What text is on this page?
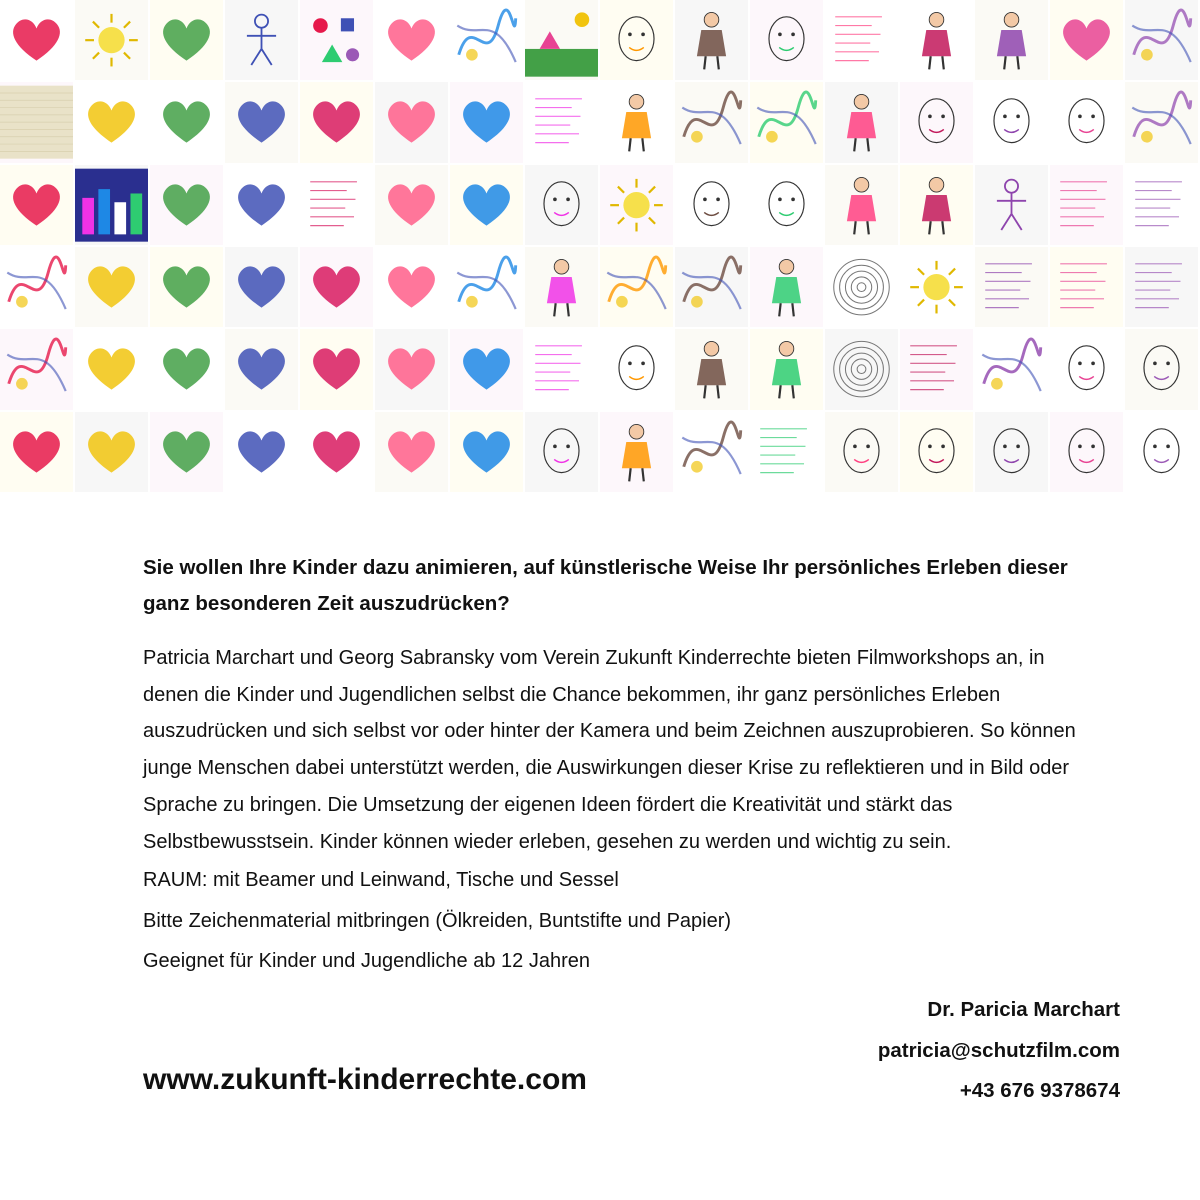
Sie wollen Ihre Kinder dazu animieren, auf künstlerische Weise Ihr persönliches Erleben dieser ganz besonderen Zeit auszudrücken?

Patricia Marchart und Georg Sabransky vom Verein Zukunft Kinderrechte bieten Filmworkshops an, in denen die Kinder und Jugendlichen selbst die Chance bekommen, ihr ganz persönliches Erleben auszudrücken und sich selbst vor oder hinter der Kamera und beim Zeichnen auszuprobieren. So können junge Menschen dabei unterstützt werden, die Auswirkungen dieser Krise zu reflektieren und in Bild oder Sprache zu bringen. Die Umsetzung der eigenen Ideen fördert die Kreativität und stärkt das Selbstbewusstsein. Kinder können wieder erleben, gesehen zu werden und wichtig zu sein.

RAUM: mit Beamer und Leinwand, Tische und Sessel

Bitte Zeichenmaterial mitbringen (Ölkreiden, Buntstifte und Papier)

Geeignet für Kinder und Jugendliche ab 12 Jahren

www.zukunft-kinderrechte.com

Dr. Paricia Marchart

patricia@schutzfilm.com

+43 676 9378674
